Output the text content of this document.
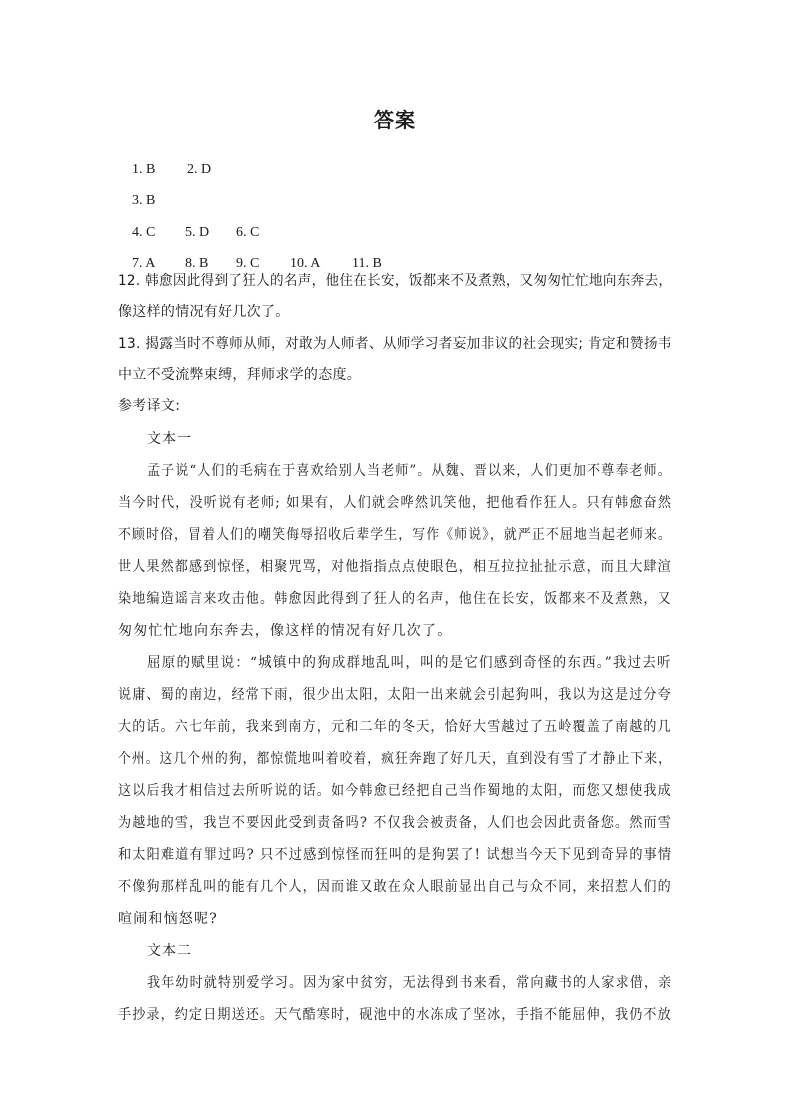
答案

1. B 2. D

3. B

4. C 5. D 6. C

7. A 8. B 9. C 10. A 11. B

12. 韩愈因此得到了狂人的名声，他住在长安，饭都来不及煮熟，又匆匆忙忙地向东奔去，
像这样的情况有好几次了。
13. 揭露当时不尊师从师，对敢为人师者、从师学习者妄加非议的社会现实; 肯定和赞扬韦
中立不受流弊束缚，拜师求学的态度。
参考译文:
文本一
孟子说“人们的毛病在于喜欢给别人当老师”。从魏、晋以来，人们更加不尊奉老师。
当今时代，没听说有老师; 如果有，人们就会哗然讥笑他，把他看作狂人。只有韩愈奋然
不顾时俗，冒着人们的嘲笑侮辱招收后辈学生，写作《师说》，就严正不屈地当起老师来。
世人果然都感到惊怪，相聚咒骂，对他指指点点使眼色，相互拉拉扯扯示意，而且大肆渲
染地编造谣言来攻击他。韩愈因此得到了狂人的名声，他住在长安，饭都来不及煮熟，又
匆匆忙忙地向东奔去，像这样的情况有好几次了。
屈原的赋里说：“城镇中的狗成群地乱叫，叫的是它们感到奇怪的东西。”我过去听
说庸、蜀的南边，经常下雨，很少出太阳，太阳一出来就会引起狗叫，我以为这是过分夸
大的话。六七年前，我来到南方，元和二年的冬天，恰好大雪越过了五岭覆盖了南越的几
个州。这几个州的狗，都惊慌地叫着咬着，疯狂奔跑了好几天，直到没有雪了才静止下来，
这以后我才相信过去所听说的话。如今韩愈已经把自己当作蜀地的太阳，而您又想使我成
为越地的雪，我岂不要因此受到责备吗? 不仅我会被责备，人们也会因此责备您。然而雪
和太阳难道有罪过吗? 只不过感到惊怪而狂叫的是狗罢了! 试想当今天下见到奇异的事情
不像狗那样乱叫的能有几个人，因而谁又敢在众人眼前显出自己与众不同，来招惹人们的
喧闹和恼怒呢?
文本二
我年幼时就特别爱学习。因为家中贫穷，无法得到书来看，常向藏书的人家求借，亲
手抄录，约定日期送还。天气酷寒时，砚池中的水冻成了坚冰，手指不能屈伸，我仍不放
